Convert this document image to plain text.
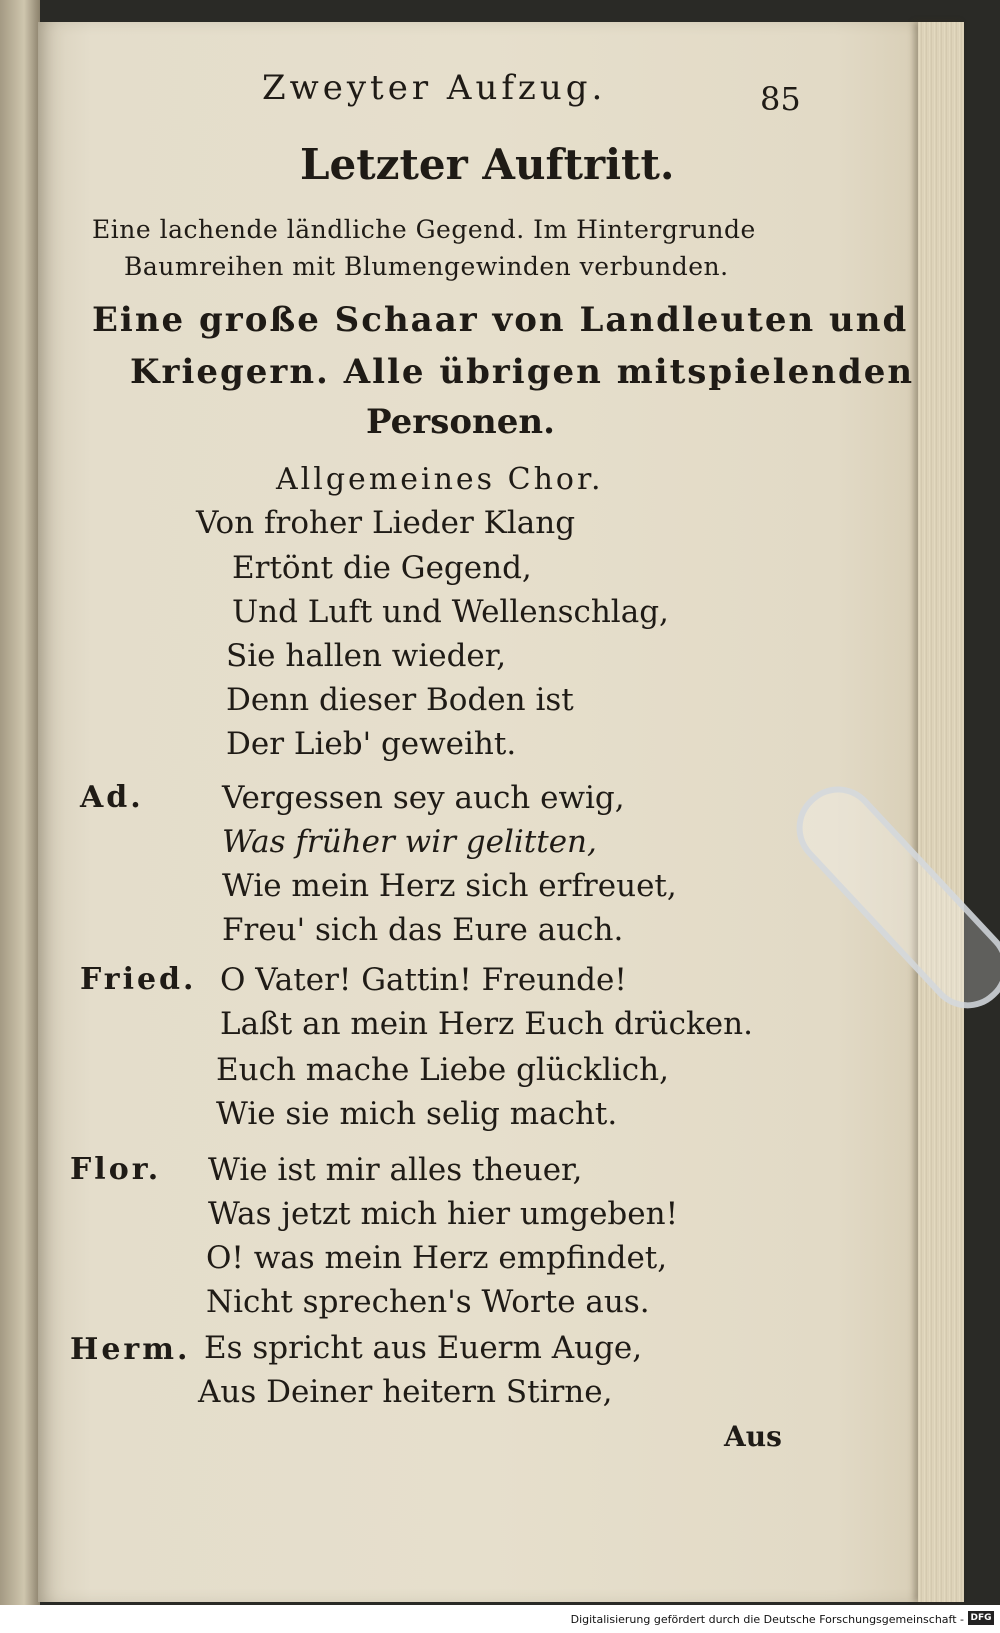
Zweyter Aufzug.	85
Letzter Auftritt.
Eine lachende ländliche Gegend. Im Hintergrunde
Baumreihen mit Blumengewinden verbunden.
Eine große Schaar von Landleuten und
Kriegern. Alle übrigen mitspielenden
Personen.
Allgemeines Chor.
Von froher Lieder Klang
Ertönt die Gegend,
Und Luft und Wellenschlag,
Sie hallen wieder,
Denn dieser Boden ist
Der Lieb' geweiht.
Ad.	Vergessen sey auch ewig,
Was früher wir gelitten,
Wie mein Herz sich erfreuet,
Freu' sich das Eure auch.
Fried. O Vater! Gattin! Freunde!
Laßt an mein Herz Euch drücken.
Euch mache Liebe glücklich,
Wie sie mich selig macht.
Flor. Wie ist mir alles theuer,
Was jetzt mich hier umgeben!
O! was mein Herz empfindet,
Nicht sprechen's Worte aus.
Herm. Es spricht aus Euerm Auge,
Aus Deiner heitern Stirne,
Aus
Digitalisierung gefördert durch die Deutsche Forschungsgemeinschaft - DFG
